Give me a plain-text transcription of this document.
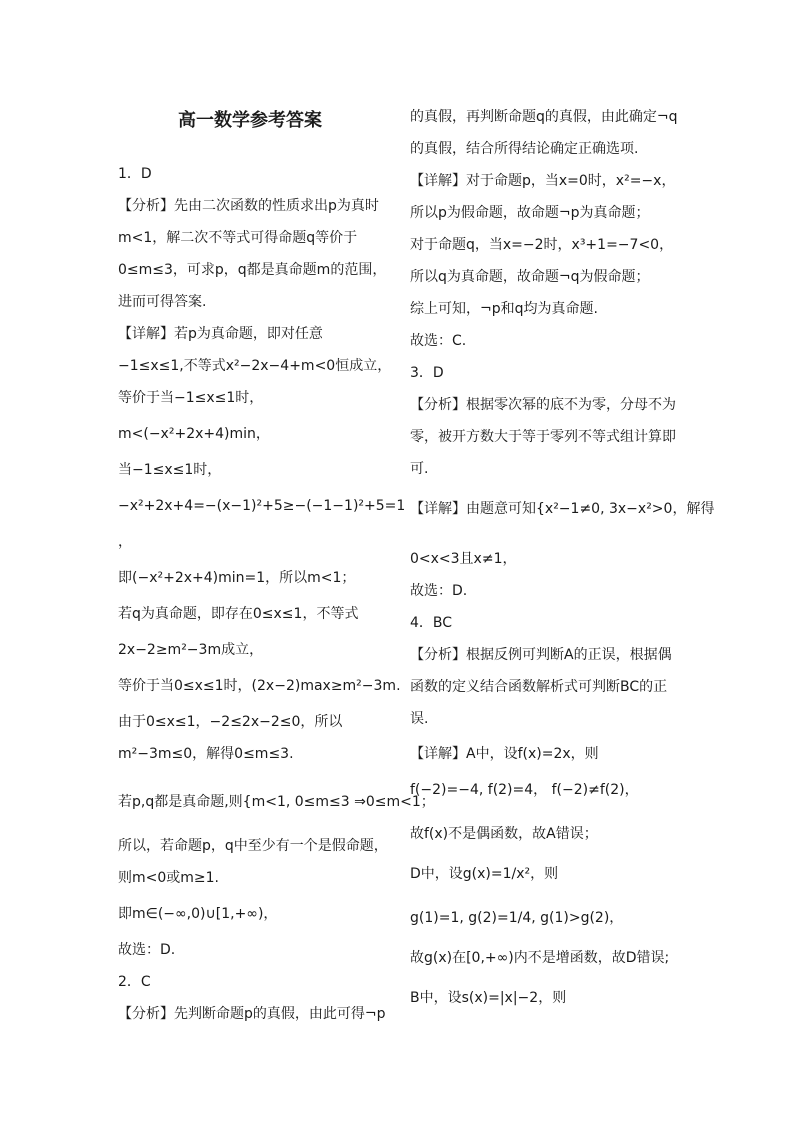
高一数学参考答案
1．D
【分析】先由二次函数的性质求出p为真时
m<1，解二次不等式可得命题q等价于
0≤m≤3，可求p，q都是真命题m的范围，
进而可得答案.
【详解】若p为真命题，即对任意
−1≤x≤1,不等式x²−2x−4+m<0恒成立，
等价于当−1≤x≤1时，
m<(−x²+2x+4)min，
当−1≤x≤1时，
−x²+2x+4=−(x−1)²+5≥−(−1−1)²+5=1
，
即(−x²+2x+4)min=1，所以m<1；
若q为真命题，即存在0≤x≤1，不等式
2x−2≥m²−3m成立，
等价于当0≤x≤1时，(2x−2)max≥m²−3m.
由于0≤x≤1，−2≤2x−2≤0，所以
m²−3m≤0，解得0≤m≤3.
若p,q都是真命题,则{m<1, 0≤m≤3 ⇒0≤m<1；
所以，若命题p，q中至少有一个是假命题，
则m<0或m≥1.
即m∈(−∞,0)∪[1,+∞)，
故选：D.
2．C
【分析】先判断命题p的真假，由此可得¬p
的真假，再判断命题q的真假，由此确定¬q
的真假，结合所得结论确定正确选项.
【详解】对于命题p，当x=0时，x²=−x，
所以p为假命题，故命题¬p为真命题；
对于命题q，当x=−2时，x³+1=−7<0，
所以q为真命题，故命题¬q为假命题；
综上可知，¬p和q均为真命题.
故选：C.
3．D
【分析】根据零次幂的底不为零，分母不为
零，被开方数大于等于零列不等式组计算即
可.
【详解】由题意可知{x²−1≠0, 3x−x²>0，解得
0<x<3且x≠1，
故选：D.
4．BC
【分析】根据反例可判断A的正误，根据偶
函数的定义结合函数解析式可判断BC的正
误.
【详解】A中，设f(x)=2x，则
f(−2)=−4, f(2)=4， f(−2)≠f(2)，
故f(x)不是偶函数，故A错误；
D中，设g(x)=1/x²，则
g(1)=1, g(2)=1/4, g(1)>g(2)，
故g(x)在[0,+∞)内不是增函数，故D错误;
B中，设s(x)=|x|−2，则
